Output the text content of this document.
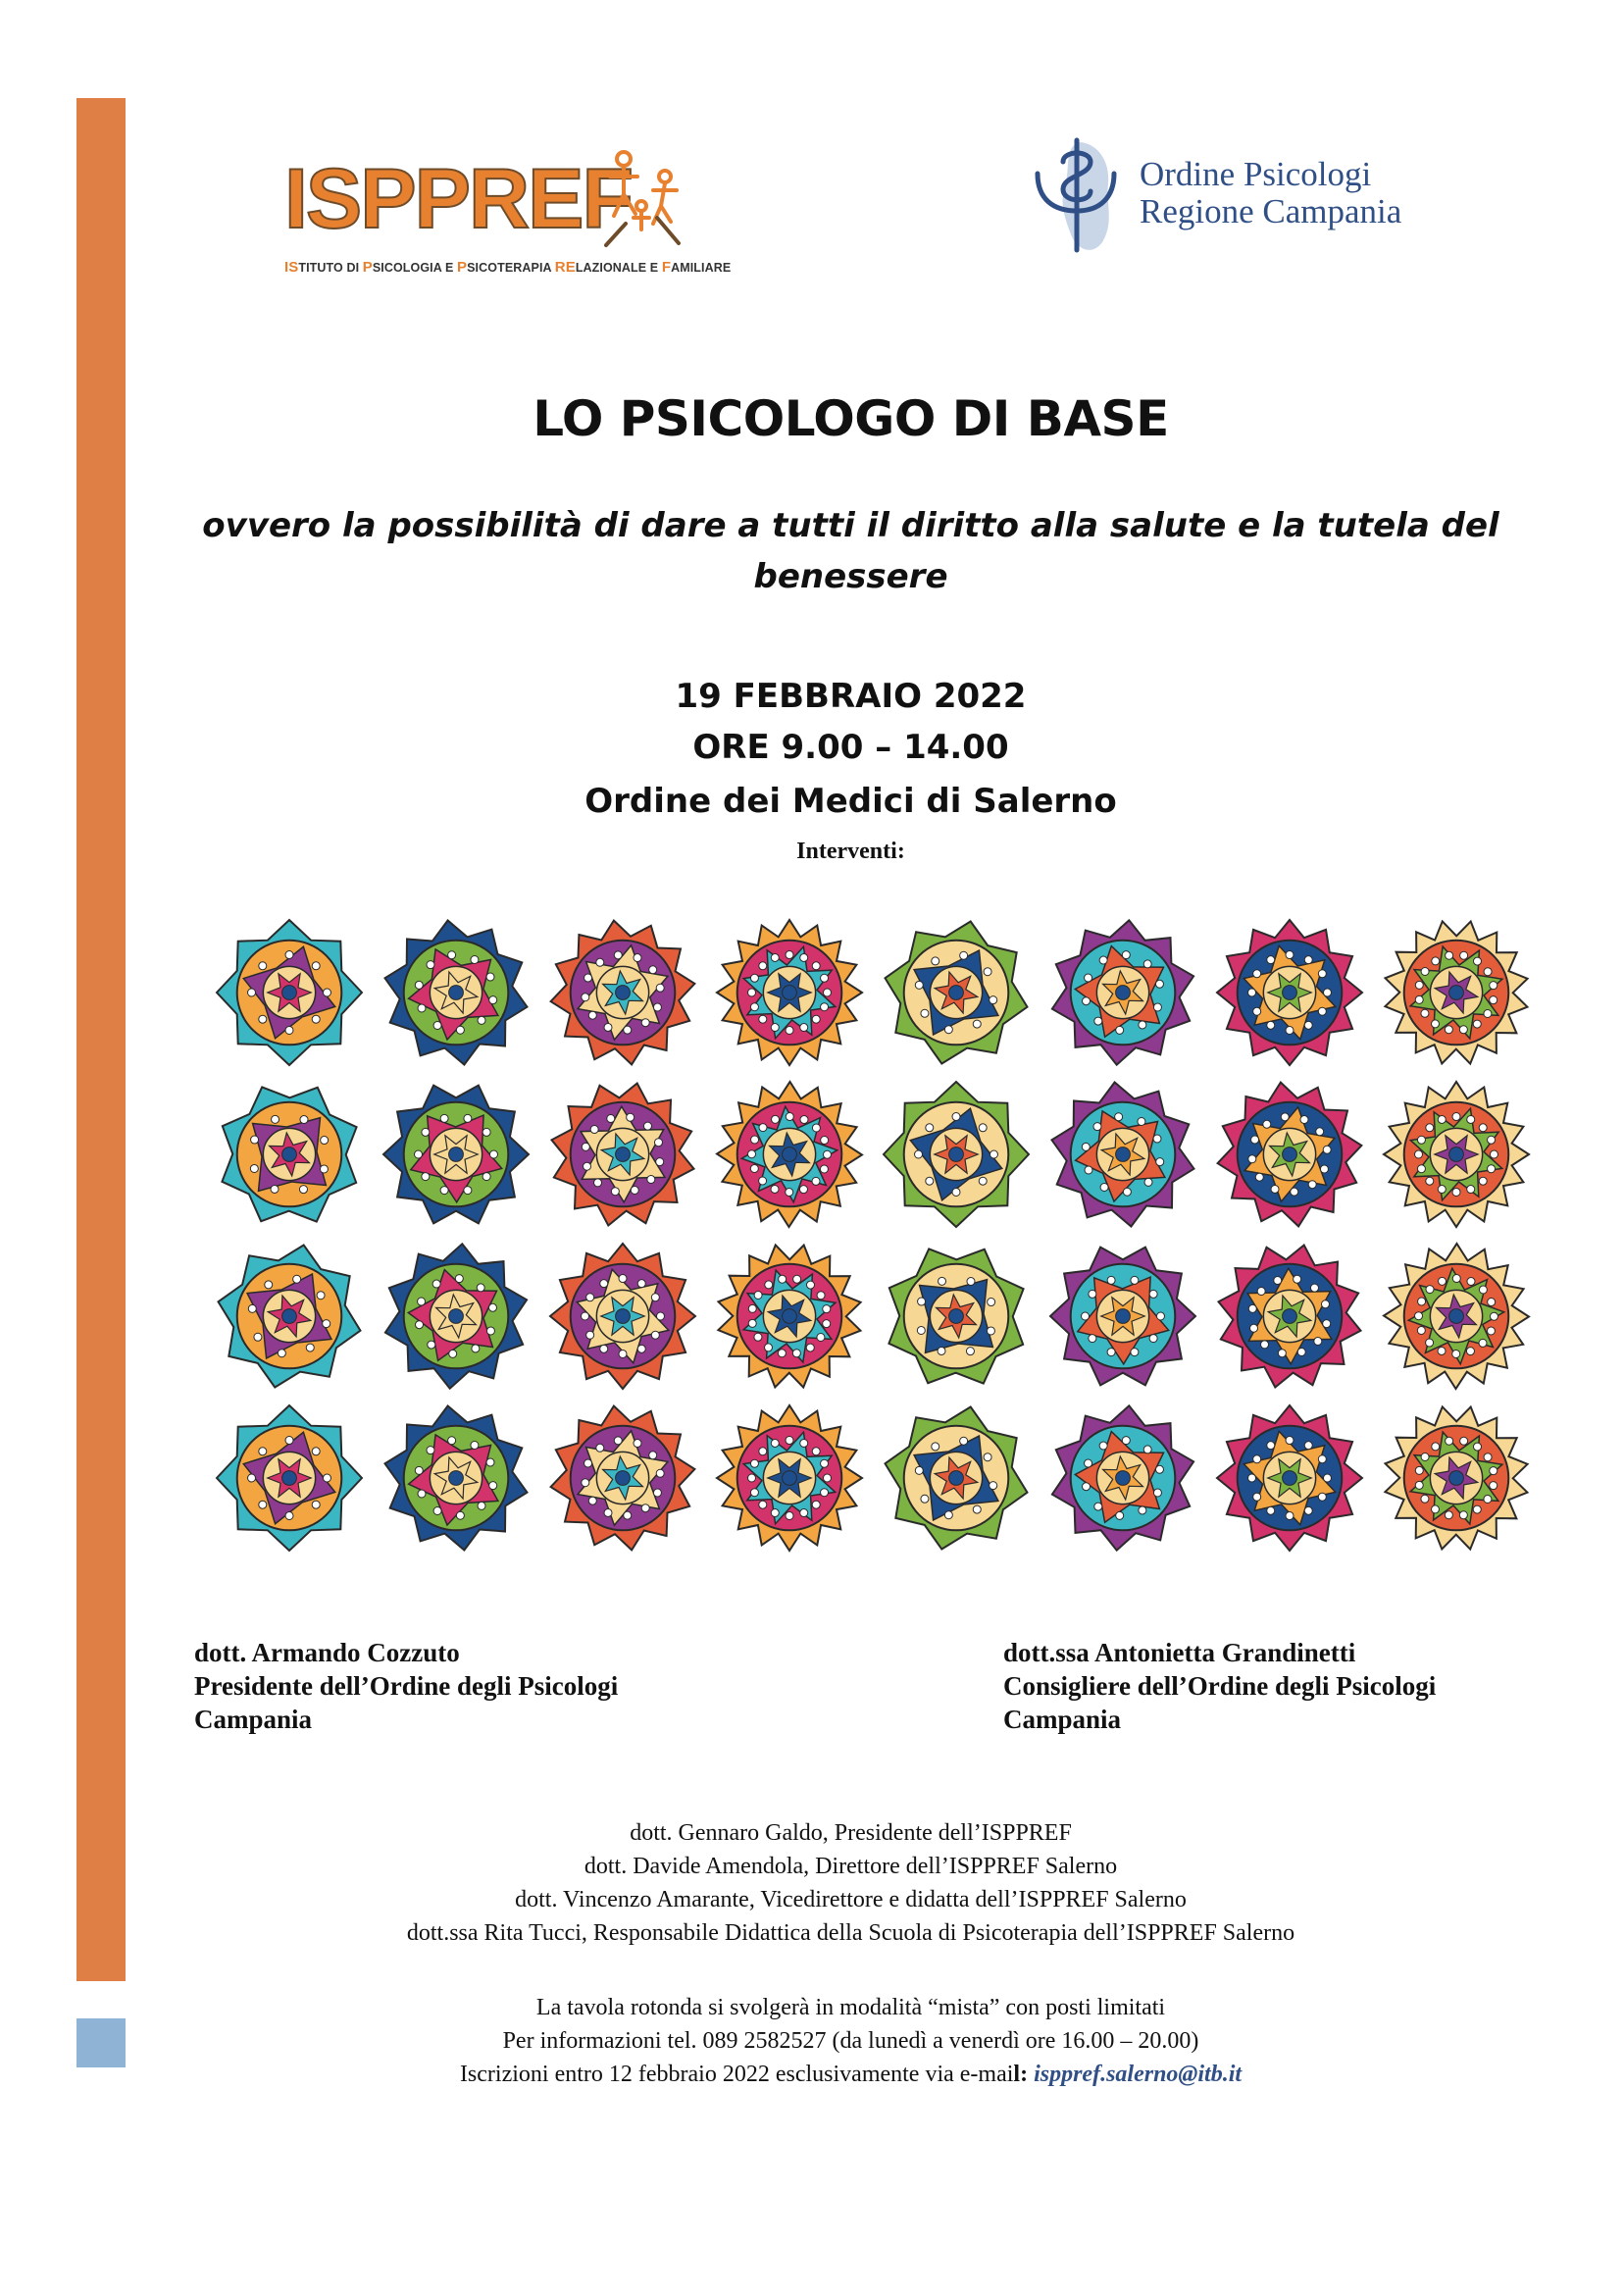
ISPPREF
ISTITUTO DI PSICOLOGIA E PSICOTERAPIA RELAZIONALE E FAMILIARE
Ordine Psicologi
Regione Campania
LO PSICOLOGO DI BASE
ovvero la possibilità di dare a tutti il diritto alla salute e la tutela del benessere
19 FEBBRAIO 2022
ORE 9.00 – 14.00
Ordine dei Medici di Salerno
Interventi:
dott. Armando Cozzuto
Presidente dell’Ordine degli Psicologi
Campania
dott.ssa Antonietta Grandinetti
Consigliere dell’Ordine degli Psicologi
Campania
dott. Gennaro Galdo, Presidente dell’ISPPREF
dott. Davide Amendola, Direttore dell’ISPPREF Salerno
dott. Vincenzo Amarante, Vicedirettore e didatta dell’ISPPREF Salerno
dott.ssa Rita Tucci, Responsabile Didattica della Scuola di Psicoterapia dell’ISPPREF Salerno
La tavola rotonda si svolgerà in modalità “mista” con posti limitati
Per informazioni tel. 089 2582527 (da lunedì a venerdì ore 16.00 – 20.00)
Iscrizioni entro 12 febbraio 2022 esclusivamente via e-mail: isppref.salerno@itb.it
